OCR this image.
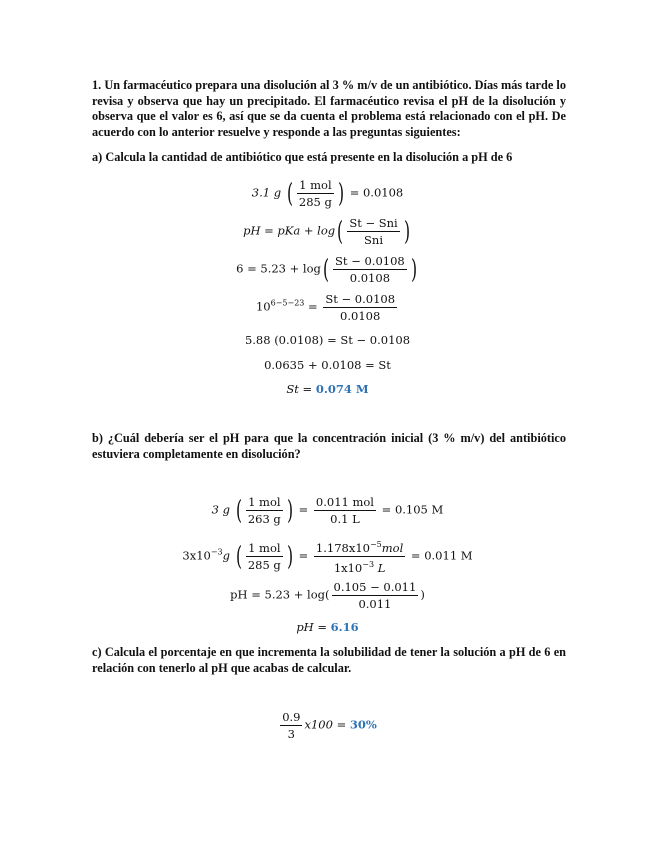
1. Un farmacéutico prepara una disolución al 3 % m/v de un antibiótico. Días más tarde lo revisa y observa que hay un precipitado. El farmacéutico revisa el pH de la disolución y observa que el valor es 6, así que se da cuenta el problema está relacionado con el pH. De acuerdo con lo anterior resuelve y responde a las preguntas siguientes:
a) Calcula la cantidad de antibiótico que está presente en la disolución a pH de 6
3.1 g ( $\frac{\text{1 mol}}{285 g}$ ) = 0.0108
pH = pKa + $\log( \frac{\text{St − Sni}}{\text{Sni}}$ )
$6 = 5.23 + \log( \frac{St - 0.0108}{0.0108}$ )
$10^{6-5-23} = \frac{St - 0.0108}{0.0108}$
5.88 (0.0108) = St − 0.0108
0.0635 + 0.0108 = St
St = 0.074 M
b) ¿Cuál debería ser el pH para que la concentración inicial (3 % m/v) del antibiótico estuviera completamente en disolución?
3 g ( $\frac{\text{1 mol}}{263 g}$ ) = $\frac{\text{0.011 mol}}{0.1 L} = 0.105$ M
$3x10^{-3}g$ ( $\frac{\text{1 mol}}{285 g}$ ) = $\frac{1.178x10^{-5}mol}{1x10^{-3} L} = 0.011$ M
pH = $5.23 + \log( \frac{0.105 - 0.011}{0.011}$ )
pH = 6.16
c) Calcula el porcentaje en que incrementa la solubilidad de tener la solución a pH de 6 en relación con tenerlo al pH que acabas de calcular.
$\frac{0.9}{3} x100 = 30\%$
